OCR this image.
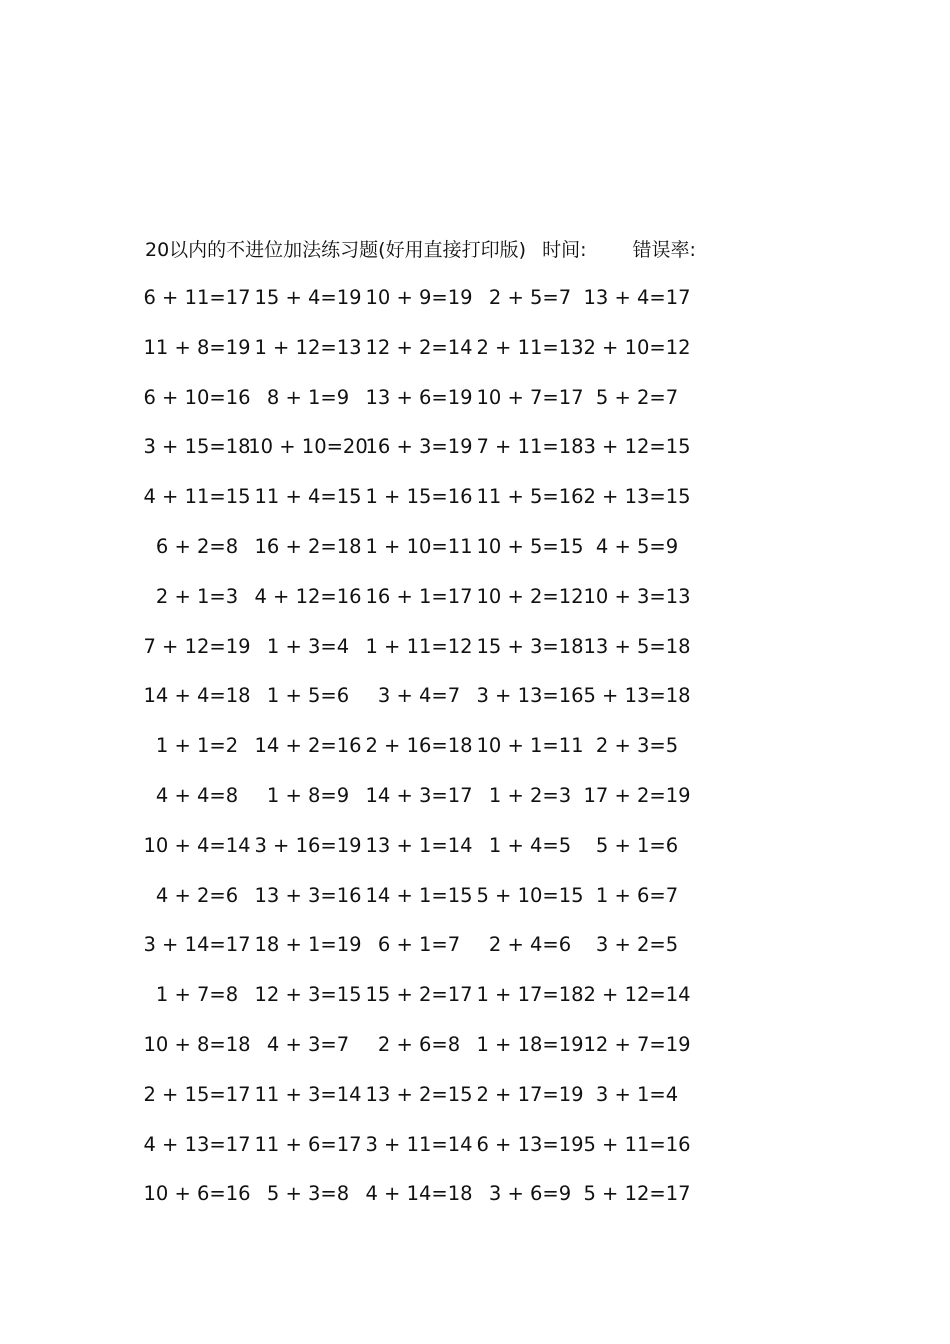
20以内的不进位加法练习题(好用直接打印版) 时间: 错误率:
6 + 11=17 15 + 4=19 10 + 9=19 2 + 5=7 13 + 4=17
11 + 8=19 1 + 12=13 12 + 2=14 2 + 11=13 2 + 10=12
6 + 10=16 8 + 1=9 13 + 6=19 10 + 7=17 5 + 2=7
3 + 15=18
10 + 10=20
16 + 3=19 7 + 11=18 3 + 12=15
4 + 11=15 11 + 4=15 1 + 15=16 11 + 5=16 2 + 13=15
6 + 2=8 16 + 2=18 1 + 10=11 10 + 5=15 4 + 5=9
2 + 1=3 4 + 12=16 16 + 1=17 10 + 2=12 10 + 3=13
7 + 12=19 1 + 3=4 1 + 11=12 15 + 3=18 13 + 5=18
14 + 4=18 1 + 5=6 3 + 4=7 3 + 13=16 5 + 13=18
1 + 1=2 14 + 2=16 2 + 16=18 10 + 1=11 2 + 3=5
4 + 4=8 1 + 8=9 14 + 3=17 1 + 2=3 17 + 2=19
10 + 4=14 3 + 16=19 13 + 1=14 1 + 4=5 5 + 1=6
4 + 2=6 13 + 3=16 14 + 1=15 5 + 10=15 1 + 6=7
3 + 14=17 18 + 1=19 6 + 1=7 2 + 4=6 3 + 2=5
1 + 7=8 12 + 3=15 15 + 2=17 1 + 17=18 2 + 12=14
10 + 8=18 4 + 3=7 2 + 6=8 1 + 18=19 12 + 7=19
2 + 15=17 11 + 3=14 13 + 2=15 2 + 17=19 3 + 1=4
4 + 13=17 11 + 6=17 3 + 11=14 6 + 13=19 5 + 11=16
10 + 6=16 5 + 3=8 4 + 14=18 3 + 6=9 5 + 12=17
